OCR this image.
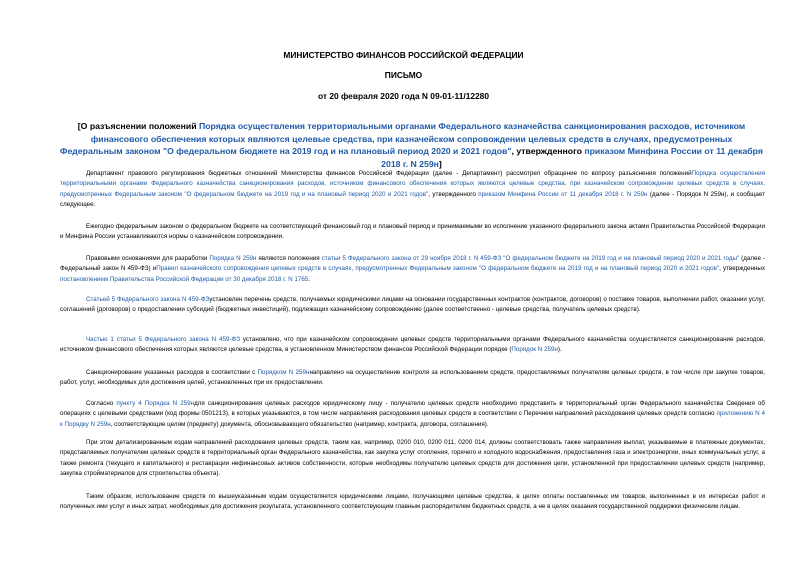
МИНИСТЕРСТВО ФИНАНСОВ РОССИЙСКОЙ ФЕДЕРАЦИИ
ПИСЬМО
от 20 февраля 2020 года N 09-01-11/12280
[О разъяснении положений Порядка осуществления территориальными органами Федерального казначейства санкционирования расходов, источником финансового обеспечения которых являются целевые средства, при казначейском сопровождении целевых средств в случаях, предусмотренных Федеральным законом "О федеральном бюджете на 2019 год и на плановый период 2020 и 2021 годов", утвержденного приказом Минфина России от 11 декабря 2018 г. N 259н]
Департамент правового регулирования бюджетных отношений Министерства финансов Российской Федерации (далее - Департамент) рассмотрел обращение по вопросу разъяснения положенийПорядка осуществления территориальными органами Федерального казначейства санкционирования расходов, источником финансового обеспечения которых являются целевые средства, при казначейском сопровождении целевых средств в случаях, предусмотренных Федеральным законом "О федеральном бюджете на 2019 год и на плановый период 2020 и 2021 годов", утвержденного приказом Минфина России от 11 декабря 2018 г. N 259н (далее - Порядок N 259н), и сообщает следующее.
Ежегодно федеральным законом о федеральном бюджете на соответствующий финансовый год и плановый период и принимаемыми во исполнение указанного федерального закона актами Правительства Российской Федерации и Минфина России устанавливаются нормы о казначейском сопровождении.
Правовыми основаниями для разработки Порядка N 259н являются положения статьи 5 Федерального закона от 29 ноября 2018 г. N 459-ФЗ "О федеральном бюджете на 2019 год и на плановый период 2020 и 2021 годы" (далее - Федеральный закон N 459-ФЗ) иПравил казначейского сопровождения целевых средств в случаях, предусмотренных Федеральным законом "О федеральном бюджете на 2019 год и на плановый период 2020 и 2021 годов", утвержденных постановлением Правительства Российской Федерации от 30 декабря 2018 г. N 1765.
Статьей 5 Федерального закона N 459-ФЗустановлен перечень средств, получаемых юридическими лицами на основании государственных контрактов (контрактов, договоров) о поставке товаров, выполнении работ, оказании услуг, соглашений (договоров) о предоставлении субсидий (бюджетных инвестиций), подлежащих казначейскому сопровождению (далее соответственно - целевые средства, получатель целевых средств).
Частью 1 статьи 5 Федерального закона N 459-ФЗ установлено, что при казначейском сопровождении целевых средств территориальными органами Федерального казначейства осуществляется санкционирование расходов, источником финансового обеспечения которых являются целевые средства, в установленном Министерством финансов Российской Федерации порядке (Порядок N 259н).
Санкционирование указанных расходов в соответствии с Порядком N 259ннаправлено на осуществление контроля за использованием средств, предоставляемых получателям целевых средств, в том числе при закупке товаров, работ, услуг, необходимых для достижения целей, установленных при их предоставлении.
Согласно пункту 4 Порядка N 259ндля санкционирования целевых расходов юридическому лицу - получателю целевых средств необходимо представить в территориальный орган Федерального казначейства Сведения об операциях с целевыми средствами (код формы 0501213), в которых указываются, в том числе направления расходования целевых средств в соответствии с Перечнем направлений расходования целевых средств согласно приложению N 4 к Порядку N 259н, соответствующие целям (предмету) документа, обосновывающего обязательство (например, контракта, договора, соглашения).
При этом детализированным кодам направлений расходования целевых средств, таким как, например, 0200 010, 0200 011, 0200 014, должны соответствовать также направления выплат, указываемые в платежных документах, представляемых получателем целевых средств в территориальный орган Федерального казначейства, как закупка услуг отопления, горячего и холодного водоснабжения, предоставления газа и электроэнергии, иных коммунальных услуг, а также ремонта (текущего и капитального) и реставрации нефинансовых активов собственности, которые необходимы получателю целевых средств для достижения цели, установленной при предоставлении целевых средств (например, закупка стройматериалов для строительства объекта).
Таким образом, использование средств по вышеуказанным кодам осуществляется юридическими лицами, получающими целевые средства, в целях оплаты поставленных им товаров, выполненных в их интересах работ и полученных ими услуг и иных затрат, необходимых для достижения результата, установленного соответствующим главным распорядителем бюджетных средств, а не в целях оказания государственной поддержки физическим лицам.
